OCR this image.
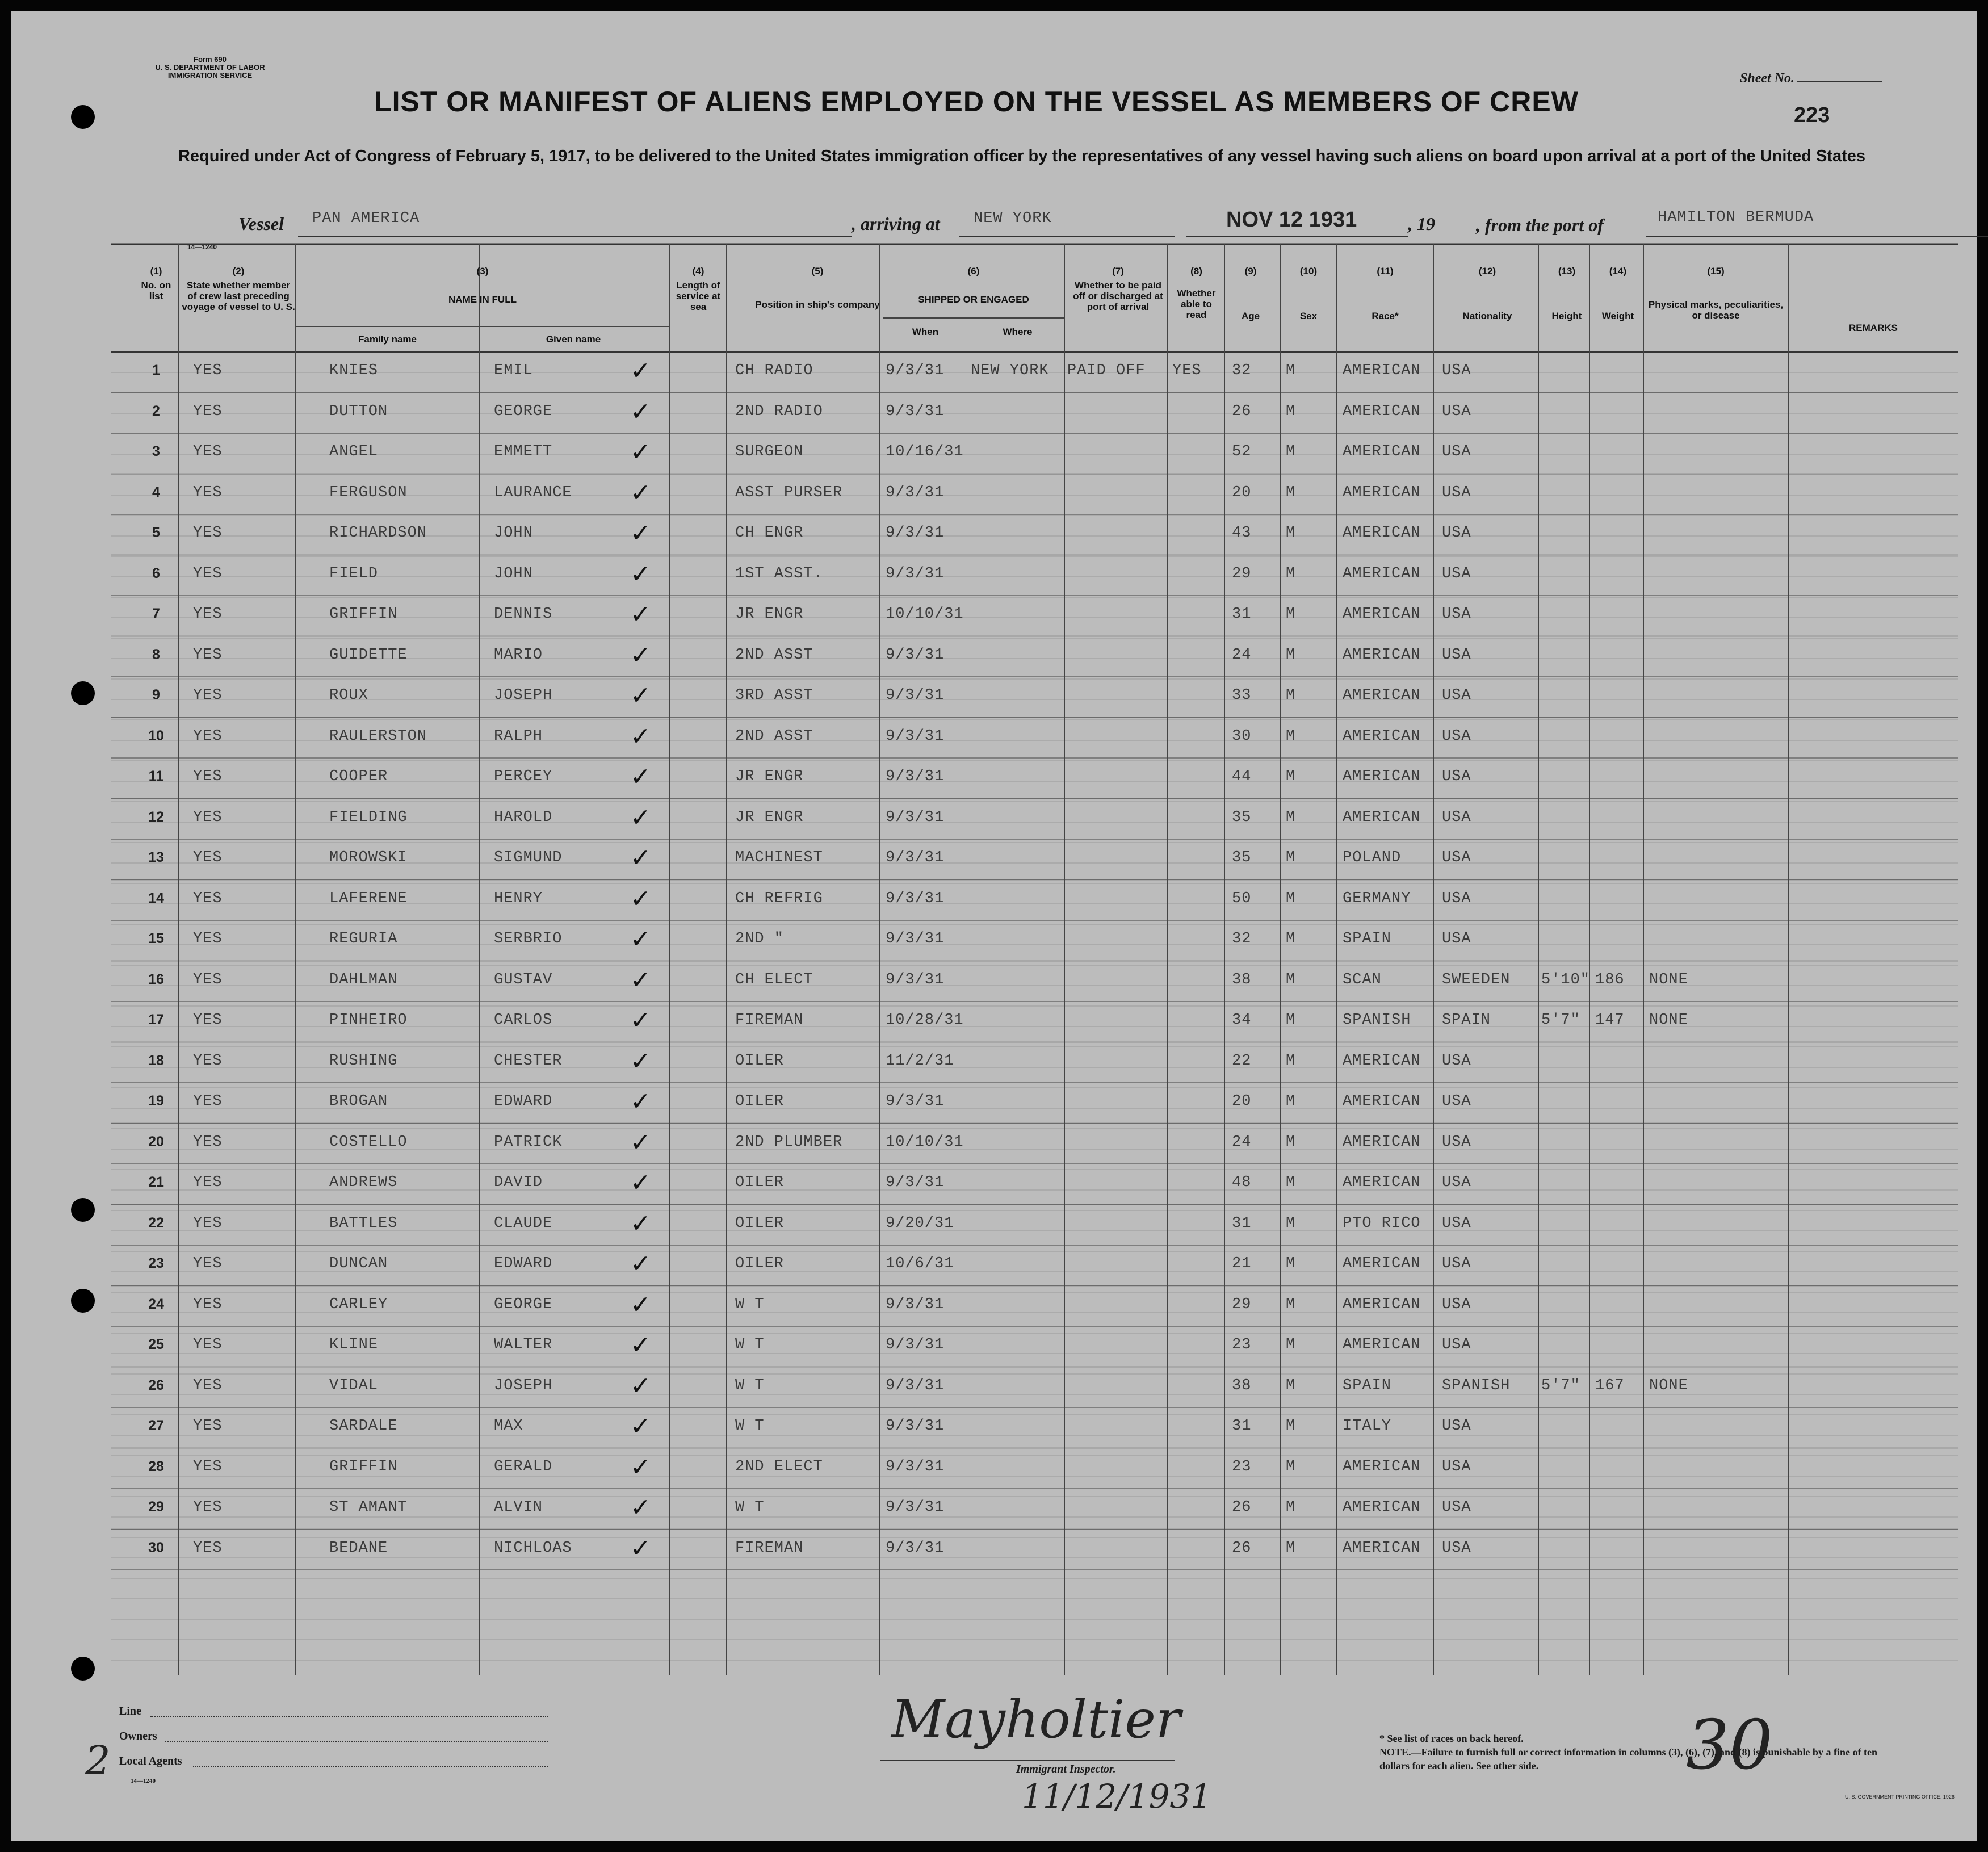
Form 690
U. S. DEPARTMENT OF LABOR
IMMIGRATION SERVICE	Sheet No.
223
LIST OR MANIFEST OF ALIENS EMPLOYED ON THE VESSEL AS MEMBERS OF CREW
Required under Act of Congress of February 5, 1917, to be delivered to the United States immigration officer by the representatives of any vessel having such aliens on board upon arrival at a port of the United States
Vessel PAN AMERICA	, arriving at NEW YORK	NOV 12 1931	, 19 , from the port of	HAMILTON BERMUDA
14—1240
(1)
No. on list
(2)
State whether member of crew last preceding voyage of vessel to U. S.
(3)
NAME IN FULL
Family name	Given name
(4)
Length of service at sea
(5)
Position in ship's company
(6)
SHIPPED OR ENGAGED
When	Where
(7)
Whether to be paid off or discharged at port of arrival
(8)
Whether able to read
(9)
Age
(10)
Sex
(11)
Race*
(12)
Nationality
(13)
Height
(14)
Weight
(15)
Physical marks, peculiarities, or disease
REMARKS
1	YES	KNIES	EMIL	CH RADIO	9/3/31 NEW YORK PAID OFF YES 32 M	AMERICAN USA
✓
2	YES	DUTTON	GEORGE	2ND RADIO	9/3/31	26 M	AMERICAN USA
✓
3	YES	ANGEL	EMMETT	SURGEON	10/16/31	52 M	AMERICAN USA
✓
4	YES	FERGUSON	LAURANCE	ASST PURSER	9/3/31	20 M	AMERICAN USA
✓
5	YES	RICHARDSON	JOHN	CH ENGR	9/3/31	43 M	AMERICAN USA
✓
6	YES	FIELD	JOHN	1ST ASST.	9/3/31	29 M	AMERICAN USA
✓
7	YES	GRIFFIN	DENNIS	JR ENGR	10/10/31	31 M	AMERICAN USA
✓
8	YES	GUIDETTE	MARIO	2ND ASST	9/3/31	24 M	AMERICAN USA
✓
9	YES	ROUX	JOSEPH	3RD ASST	9/3/31	33 M	AMERICAN USA
✓
10	YES	RAULERSTON	RALPH	2ND ASST	9/3/31	30 M	AMERICAN USA
✓
11	YES	COOPER	PERCEY	JR ENGR	9/3/31	44 M	AMERICAN USA
✓
12	YES	FIELDING	HAROLD	JR ENGR	9/3/31	35 M	AMERICAN USA
✓
13	YES	MOROWSKI	SIGMUND	MACHINEST	9/3/31	35 M	POLAND	USA
✓
14	YES	LAFERENE	HENRY	CH REFRIG	9/3/31	50 M	GERMANY USA
✓
15	YES	REGURIA	SERBRIO	2ND "	9/3/31	32 M	SPAIN	USA
✓
16	YES	DAHLMAN	GUSTAV	CH ELECT	9/3/31	38 M	SCAN	SWEEDEN 5'10" 186 NONE
✓
17	YES	PINHEIRO	CARLOS	FIREMAN	10/28/31	34 M	SPANISH SPAIN	5'7" 147 NONE
✓
18	YES	RUSHING	CHESTER	OILER	11/2/31	22 M	AMERICAN USA
✓
19	YES	BROGAN	EDWARD	OILER	9/3/31	20 M	AMERICAN USA
✓
20	YES	COSTELLO	PATRICK	2ND PLUMBER	10/10/31	24 M	AMERICAN USA
✓
21	YES	ANDREWS	DAVID	OILER	9/3/31	48 M	AMERICAN USA
✓
22	YES	BATTLES	CLAUDE	OILER	9/20/31	31 M	PTO RICO USA
✓
23	YES	DUNCAN	EDWARD	OILER	10/6/31	21 M	AMERICAN USA
✓
24	YES	CARLEY	GEORGE	W T	9/3/31	29 M	AMERICAN USA
✓
25	YES	KLINE	WALTER	W T	9/3/31	23 M	AMERICAN USA
✓
26	YES	VIDAL	JOSEPH	W T	9/3/31	38 M	SPAIN	SPANISH 5'7" 167 NONE
✓
27	YES	SARDALE	MAX	W T	9/3/31	31 M	ITALY	USA
✓
28	YES	GRIFFIN	GERALD	2ND ELECT	9/3/31	23 M	AMERICAN USA
✓
29	YES	ST AMANT	ALVIN	W T	9/3/31	26 M	AMERICAN USA
✓
30	YES	BEDANE	NICHLOAS	FIREMAN	9/3/31	26 M	AMERICAN USA
✓
30
Line
Owners
Local Agents
14—1240
2
Mayholtier
Immigrant Inspector.
11/12/1931
* See list of races on back hereof.
NOTE.—Failure to furnish full or correct information in columns (3), (6), (7), and (8) is punishable by a fine of ten dollars for each alien. See other side.
U. S. GOVERNMENT PRINTING OFFICE: 1926
